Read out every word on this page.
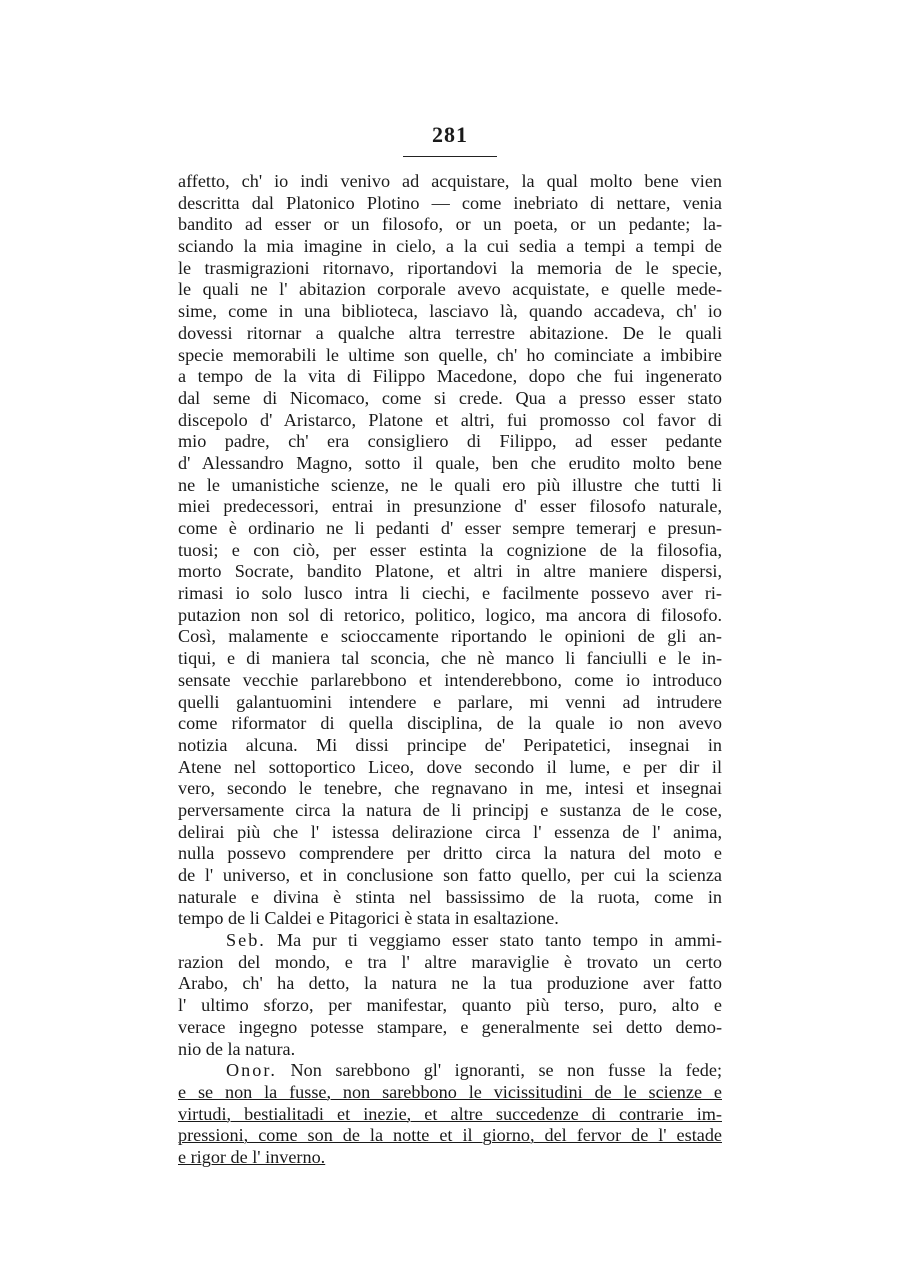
281
affetto, ch' io indi venivo ad acquistare, la qual molto bene vien
descritta dal Platonico Plotino — come inebriato di nettare, venia
bandito ad esser or un filosofo, or un poeta, or un pedante; la-
sciando la mia imagine in cielo, a la cui sedia a tempi a tempi de
le trasmigrazioni ritornavo, riportandovi la memoria de le specie,
le quali ne l' abitazion corporale avevo acquistate, e quelle mede-
sime, come in una biblioteca, lasciavo là, quando accadeva, ch' io
dovessi ritornar a qualche altra terrestre abitazione. De le quali
specie memorabili le ultime son quelle, ch' ho cominciate a imbibire
a tempo de la vita di Filippo Macedone, dopo che fui ingenerato
dal seme di Nicomaco, come si crede. Qua a presso esser stato
discepolo d' Aristarco, Platone et altri, fui promosso col favor di
mio padre, ch' era consigliero di Filippo, ad esser pedante
d' Alessandro Magno, sotto il quale, ben che erudito molto bene
ne le umanistiche scienze, ne le quali ero più illustre che tutti li
miei predecessori, entrai in presunzione d' esser filosofo naturale,
come è ordinario ne li pedanti d' esser sempre temerarj e presun-
tuosi; e con ciò, per esser estinta la cognizione de la filosofia,
morto Socrate, bandito Platone, et altri in altre maniere dispersi,
rimasi io solo lusco intra li ciechi, e facilmente possevo aver ri-
putazion non sol di retorico, politico, logico, ma ancora di filosofo.
Così, malamente e scioccamente riportando le opinioni de gli an-
tiqui, e di maniera tal sconcia, che nè manco li fanciulli e le in-
sensate vecchie parlarebbono et intenderebbono, come io introduco
quelli galantuomini intendere e parlare, mi venni ad intrudere
come riformator di quella disciplina, de la quale io non avevo
notizia alcuna. Mi dissi principe de' Peripatetici, insegnai in
Atene nel sottoportico Liceo, dove secondo il lume, e per dir il
vero, secondo le tenebre, che regnavano in me, intesi et insegnai
perversamente circa la natura de li principj e sustanza de le cose,
delirai più che l' istessa delirazione circa l' essenza de l' anima,
nulla possevo comprendere per dritto circa la natura del moto e
de l' universo, et in conclusione son fatto quello, per cui la scienza
naturale e divina è stinta nel bassissimo de la ruota, come in
tempo de li Caldei e Pitagorici è stata in esaltazione.
Seb. Ma pur ti veggiamo esser stato tanto tempo in ammi-
razion del mondo, e tra l' altre maraviglie è trovato un certo
Arabo, ch' ha detto, la natura ne la tua produzione aver fatto
l' ultimo sforzo, per manifestar, quanto più terso, puro, alto e
verace ingegno potesse stampare, e generalmente sei detto demo-
nio de la natura.
Onor. Non sarebbono gl' ignoranti, se non fusse la fede;
e se non la fusse, non sarebbono le vicissitudini de le scienze e
virtudi, bestialitadi et inezie, et altre succedenze di contrarie im-
pressioni, come son de la notte et il giorno, del fervor de l' estade
e rigor de l' inverno.
